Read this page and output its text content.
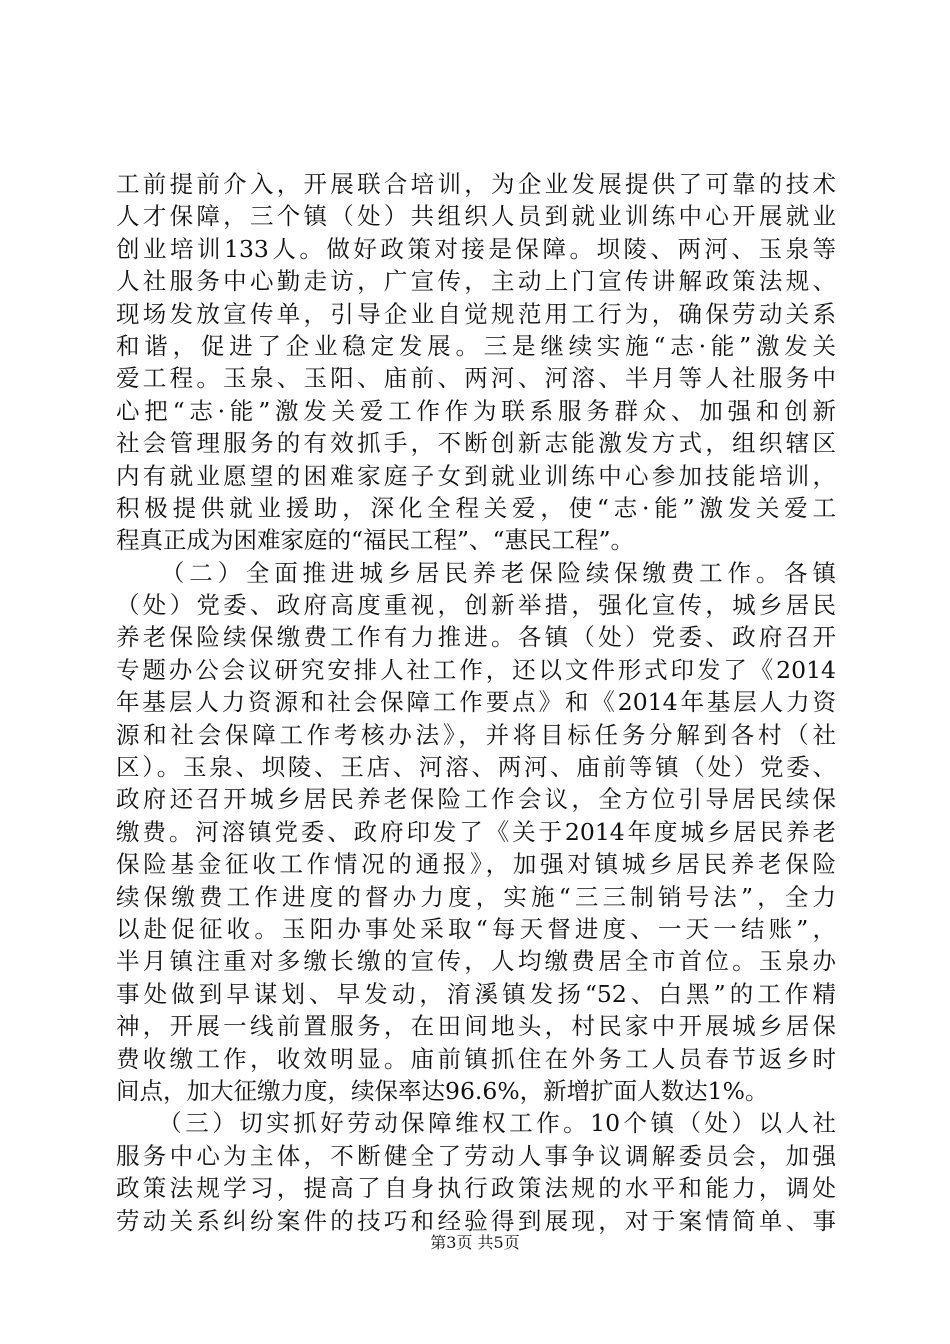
工前提前介入，开展联合培训，为企业发展提供了可靠的技术
人才保障，三个镇（处）共组织人员到就业训练中心开展就业
创业培训133人。做好政策对接是保障。坝陵、两河、玉泉等
人社服务中心勤走访，广宣传，主动上门宣传讲解政策法规、
现场发放宣传单，引导企业自觉规范用工行为，确保劳动关系
和谐，促进了企业稳定发展。三是继续实施“志·能”激发关
爱工程。玉泉、玉阳、庙前、两河、河溶、半月等人社服务中
心把“志·能”激发关爱工作作为联系服务群众、加强和创新
社会管理服务的有效抓手，不断创新志能激发方式，组织辖区
内有就业愿望的困难家庭子女到就业训练中心参加技能培训，
积极提供就业援助，深化全程关爱，使“志·能”激发关爱工
程真正成为困难家庭的“福民工程”、“惠民工程”。
　　（二）全面推进城乡居民养老保险续保缴费工作。各镇
（处）党委、政府高度重视，创新举措，强化宣传，城乡居民
养老保险续保缴费工作有力推进。各镇（处）党委、政府召开
专题办公会议研究安排人社工作，还以文件形式印发了《2014
年基层人力资源和社会保障工作要点》和《2014年基层人力资
源和社会保障工作考核办法》，并将目标任务分解到各村（社
区）。玉泉、坝陵、王店、河溶、两河、庙前等镇（处）党委、
政府还召开城乡居民养老保险工作会议，全方位引导居民续保
缴费。河溶镇党委、政府印发了《关于2014年度城乡居民养老
保险基金征收工作情况的通报》，加强对镇城乡居民养老保险
续保缴费工作进度的督办力度，实施“三三制销号法”，全力
以赴促征收。玉阳办事处采取“每天督进度、一天一结账”，
半月镇注重对多缴长缴的宣传，人均缴费居全市首位。玉泉办
事处做到早谋划、早发动，淯溪镇发扬“52、白黑”的工作精
神，开展一线前置服务，在田间地头，村民家中开展城乡居保
费收缴工作，收效明显。庙前镇抓住在外务工人员春节返乡时
间点，加大征缴力度，续保率达96.6%，新增扩面人数达1%。
　　（三）切实抓好劳动保障维权工作。10个镇（处）以人社
服务中心为主体，不断健全了劳动人事争议调解委员会，加强
政策法规学习，提高了自身执行政策法规的水平和能力，调处
劳动关系纠纷案件的技巧和经验得到展现，对于案情简单、事
第3页 共5页
